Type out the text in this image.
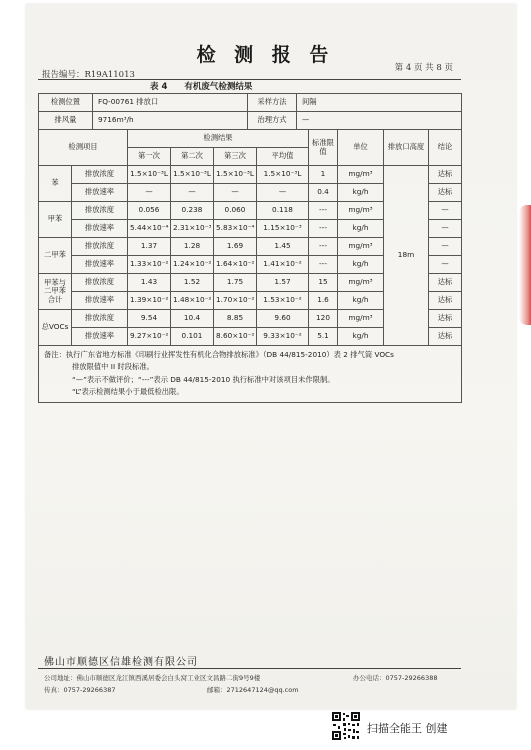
检 测 报 告
第 4 页 共 8 页
报告编号：R19A11013
表 4 有机废气检测结果
检测位置	FQ-00761 排放口	采样方法	间隔
排风量	9716m³/h	治理方式	—
检测项目		检测结果				标准限值	单位	排放口高度	结论
		第一次	第二次	第三次	平均值				
苯	排放浓度	1.5×10⁻³L	1.5×10⁻³L	1.5×10⁻³L	1.5×10⁻³L	1	mg/m³	18m	达标
	排放速率	—	—	—	—	0.4	kg/h		达标
甲苯	排放浓度	0.056	0.238	0.060	0.118	---	mg/m³		—
	排放速率	5.44×10⁻⁴	2.31×10⁻³	5.83×10⁻⁴	1.15×10⁻³	---	kg/h		—
二甲苯	排放浓度	1.37	1.28	1.69	1.45	---	mg/m³		—
	排放速率	1.33×10⁻²	1.24×10⁻²	1.64×10⁻²	1.41×10⁻²	---	kg/h		—
甲苯与二甲苯合计	排放浓度	1.43	1.52	1.75	1.57	15	mg/m³		达标
	排放速率	1.39×10⁻²	1.48×10⁻²	1.70×10⁻²	1.53×10⁻²	1.6	kg/h		达标
总VOCs	排放浓度	9.54	10.4	8.85	9.60	120	mg/m³		达标
	排放速率	9.27×10⁻²	0.101	8.60×10⁻²	9.33×10⁻²	5.1	kg/h		达标

备注：执行广东省地方标准《印刷行业挥发性有机化合物排放标准》（DB 44/815-2010）表 2 排气筒 VOCs
排放限值中 II 时段标准。
“—”表示不做评价；“---”表示 DB 44/815-2010 执行标准中对该项目未作限制。
“L”表示检测结果小于最低检出限。									
佛山市顺德区信雄检测有限公司
公司地址：佛山市顺德区龙江镇西溪居委会白头窝工业区文昌路二街9号9楼	办公电话：0757-29266388
传真：0757-29266387	邮箱：2712647124@qq.com
扫描全能王 创建
